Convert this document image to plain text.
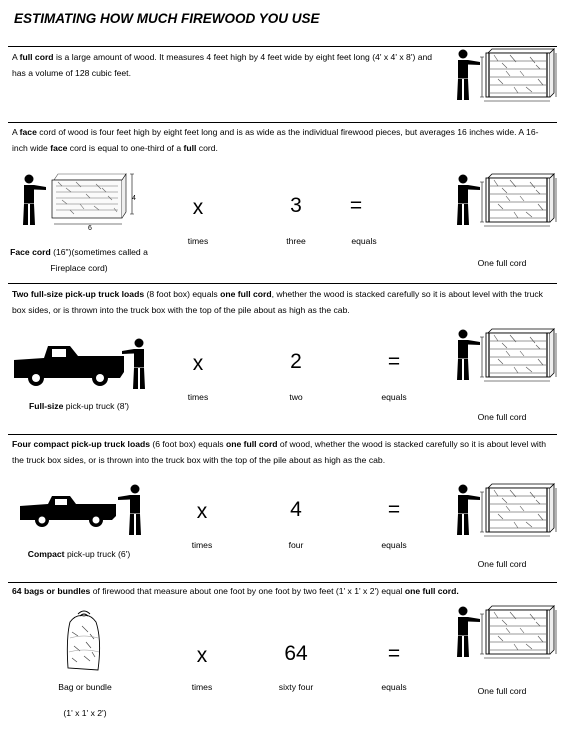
ESTIMATING HOW MUCH FIREWOOD YOU USE
A full cord is a large amount of wood. It measures 4 feet high by 4 feet wide by eight feet long (4' x 4' x 8') and has a volume of 128 cubic feet.
A face cord of wood is four feet high by eight feet long and is as wide as the individual firewood pieces, but averages 16 inches wide. A 16-inch wide face cord is equal to one-third of a full cord.
Face cord (16")(sometimes called a Fireplace cord)
x
times
3
three
=
equals
One full cord
Two full-size pick-up truck loads (8 foot box) equals one full cord, whether the wood is stacked carefully so it is about level with the truck box sides, or is thrown into the truck box with the top of the pile about as high as the cab.
Full-size pick-up truck (8')
x
times
2
two
=
equals
One full cord
Four compact pick-up truck loads (6 foot box) equals one full cord of wood, whether the wood is stacked carefully so it is about level with the truck box sides, or is thrown into the truck box with the top of the pile about as high as the cab.
Compact pick-up truck (6')
x
times
4
four
=
equals
One full cord
64 bags or bundles of firewood that measure about one foot by one foot by two feet (1' x 1' x 2') equal one full cord.
Bag or bundle
(1' x 1' x 2')
x
times
64
sixty four
=
equals	One full cord
4
6
